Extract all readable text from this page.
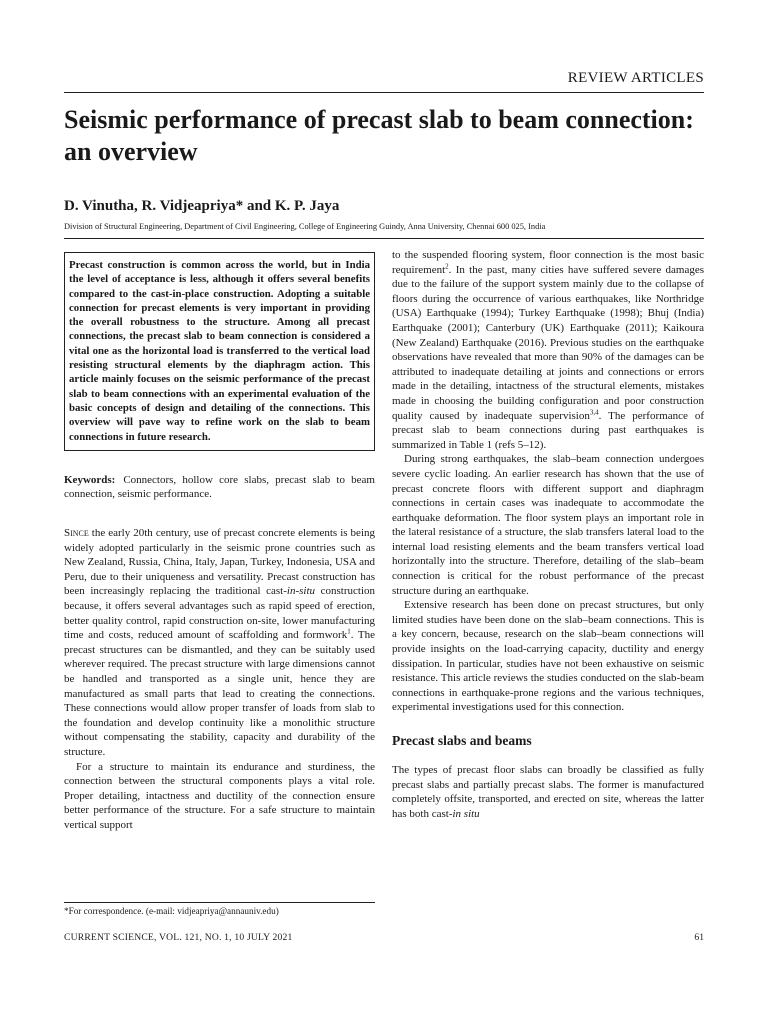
REVIEW ARTICLES
Seismic performance of precast slab to beam connection: an overview
D. Vinutha, R. Vidjeapriya* and K. P. Jaya
Division of Structural Engineering, Department of Civil Engineering, College of Engineering Guindy, Anna University, Chennai 600 025, India
Precast construction is common across the world, but in India the level of acceptance is less, although it offers several benefits compared to the cast-in-place construction. Adopting a suitable connection for precast elements is very important in providing the overall robustness to the structure. Among all precast connections, the precast slab to beam connection is considered a vital one as the horizontal load is transferred to the vertical load resisting structural elements by the diaphragm action. This article mainly focuses on the seismic performance of the precast slab to beam connections with an experimental evaluation of the basic concepts of design and detailing of the connections. This overview will pave way to refine work on the slab to beam connections in future research.

Keywords: Connectors, hollow core slabs, precast slab to beam connection, seismic performance.

Since the early 20th century, use of precast concrete elements is being widely adopted particularly in the seismic prone countries such as New Zealand, Russia, China, Italy, Japan, Turkey, Indonesia, USA and Peru, due to their uniqueness and versatility. Precast construction has been increasingly replacing the traditional cast-in-situ construction because, it offers several advantages such as rapid speed of erection, better quality control, rapid construction on-site, lower manufacturing time and costs, reduced amount of scaffolding and formwork$^1$. The precast structures can be dismantled, and they can be suitably used wherever required. The precast structure with large dimensions cannot be handled and transported as a single unit, hence they are manufactured as small parts that lead to creating the connections. These connections would allow proper transfer of loads from slab to the foundation and develop continuity like a monolithic structure without compensating the stability, capacity and durability of the structure.

For a structure to maintain its endurance and sturdiness, the connection between the structural components plays a vital role. Proper detailing, intactness and ductility of the connection ensure better performance of the structure. For a safe structure to maintain vertical support

*For correspondence. (e-mail: vidjeapriya@annauniv.edu)

to the suspended flooring system, floor connection is the most basic requirement$^2$. In the past, many cities have suffered severe damages due to the failure of the support system mainly due to the collapse of floors during the occurrence of various earthquakes, like Northridge (USA) Earthquake (1994); Turkey Earthquake (1998); Bhuj (India) Earthquake (2001); Canterbury (UK) Earthquake (2011); Kaikoura (New Zealand) Earthquake (2016). Previous studies on the earthquake observations have revealed that more than 90% of the damages can be attributed to inadequate detailing at joints and connections or errors made in the detailing, intactness of the structural elements, mistakes made in choosing the building configuration and poor construction quality caused by inadequate supervision$^{3,4}$. The performance of precast slab to beam connections during past earthquakes is summarized in Table 1 (refs 5–12).

During strong earthquakes, the slab–beam connection undergoes severe cyclic loading. An earlier research has shown that the use of precast concrete floors with different support and diaphragm connections in certain cases was inadequate to accommodate the earthquake deformation. The floor system plays an important role in the lateral resistance of a structure, the slab transfers lateral load to the internal load resisting elements and the beam transfers vertical load horizontally into the structure. Therefore, detailing of the slab–beam connection is critical for the robust performance of the precast structure during an earthquake.

Extensive research has been done on precast structures, but only limited studies have been done on the slab–beam connections. This is a key concern, because, research on the slab–beam connections will provide insights on the load-carrying capacity, ductility and energy dissipation. In particular, studies have not been exhaustive on seismic resistance. This article reviews the studies conducted on the slab-beam connections in earthquake-prone regions and the various techniques, experimental investigations used for this connection.

Precast slabs and beams

The types of precast floor slabs can broadly be classified as fully precast slabs and partially precast slabs. The former is manufactured completely offsite, transported, and erected on site, whereas the latter has both cast-in situ

CURRENT SCIENCE, VOL. 121, NO. 1, 10 JULY 2021	61
